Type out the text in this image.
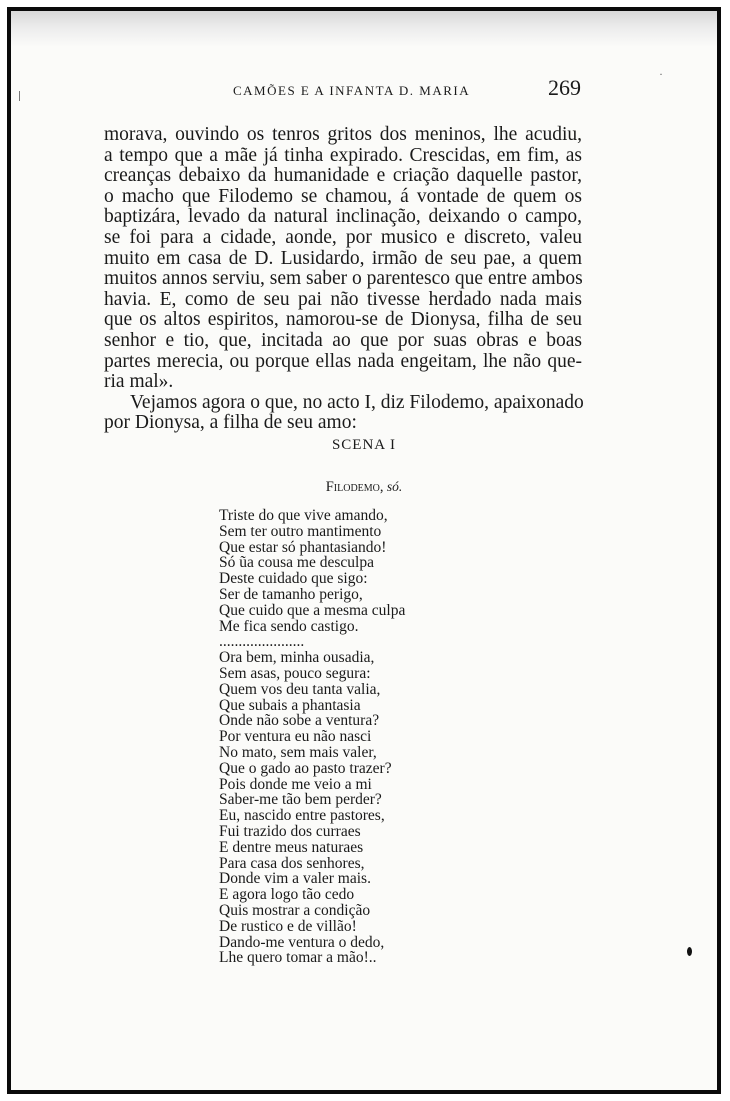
·
CAMÕES E A INFANTA D. MARIA	269

morava, ouvindo os tenros gritos dos meninos, lhe acudiu,
a tempo que a mãe já tinha expirado. Crescidas, em fim, as
creanças debaixo da humanidade e criação daquelle pastor,
o macho que Filodemo se chamou, á vontade de quem os
baptizára, levado da natural inclinação, deixando o campo,
se foi para a cidade, aonde, por musico e discreto, valeu
muito em casa de D. Lusidardo, irmão de seu pae, a quem
muitos annos serviu, sem saber o parentesco que entre ambos
havia. E, como de seu pai não tivesse herdado nada mais
que os altos espiritos, namorou-se de Dionysa, filha de seu
senhor e tio, que, incitada ao que por suas obras e boas
partes merecia, ou porque ellas nada engeitam, lhe não que-
ria mal».

Vejamos agora o que, no acto I, diz Filodemo, apaixonado
por Dionysa, a filha de seu amo:

SCENA I
Filodemo, só.
Triste do que vive amando,
Sem ter outro mantimento
Que estar só phantasiando!
Só ũa cousa me desculpa
Deste cuidado que sigo:
Ser de tamanho perigo,
Que cuido que a mesma culpa
Me fica sendo castigo.
......................
Ora bem, minha ousadia,
Sem asas, pouco segura:
Quem vos deu tanta valia,
Que subais a phantasia
Onde não sobe a ventura?
Por ventura eu não nasci
No mato, sem mais valer,
Que o gado ao pasto trazer?
Pois donde me veio a mi
Saber-me tão bem perder?
Eu, nascido entre pastores,
Fui trazido dos curraes
E dentre meus naturaes
Para casa dos senhores,
Donde vim a valer mais.
E agora logo tão cedo
Quis mostrar a condição
De rustico e de villão!
Dando-me ventura o dedo,
Lhe quero tomar a mão!..
